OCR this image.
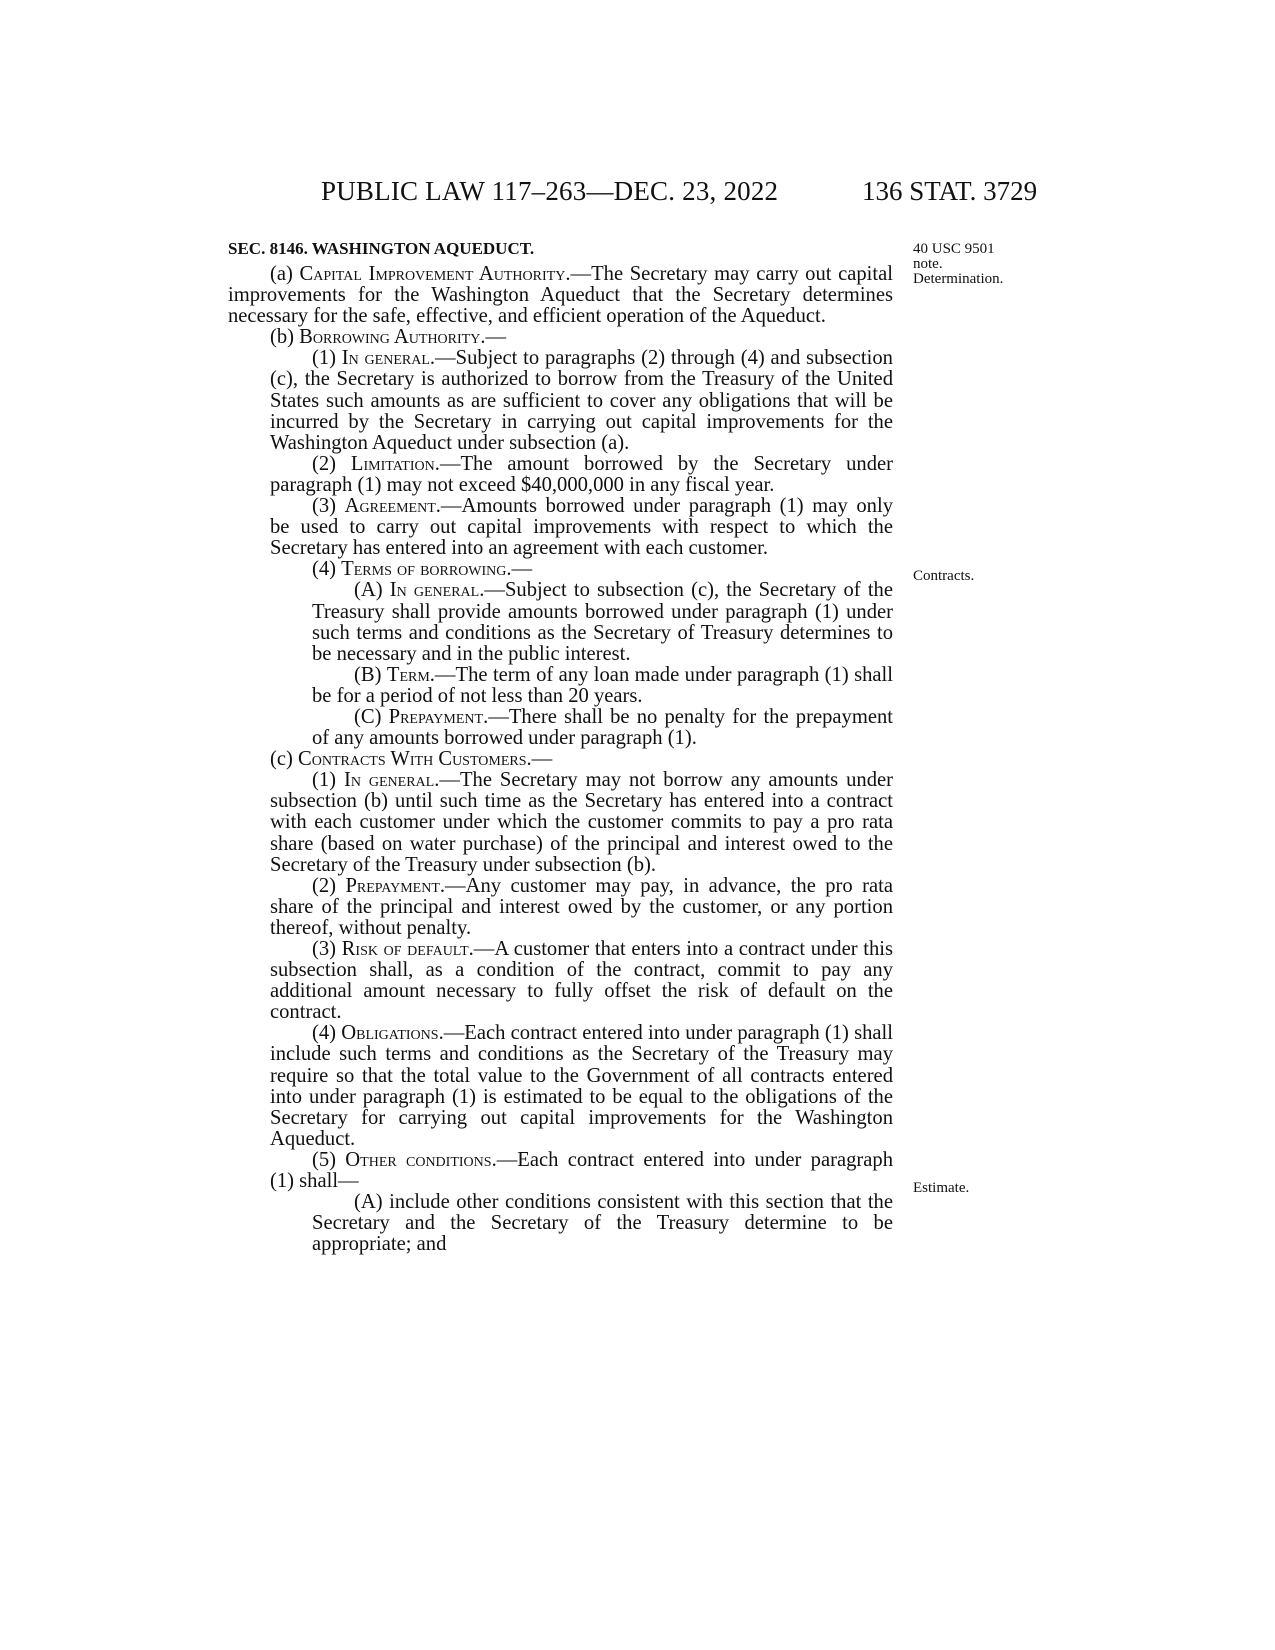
PUBLIC LAW 117–263—DEC. 23, 2022	136 STAT. 3729
SEC. 8146. WASHINGTON AQUEDUCT.

(a) Capital Improvement Authority.—The Secretary may carry out capital improvements for the Washington Aqueduct that the Secretary determines necessary for the safe, effective, and efficient operation of the Aqueduct.

(b) Borrowing Authority.—

(1) In general.—Subject to paragraphs (2) through (4) and subsection (c), the Secretary is authorized to borrow from the Treasury of the United States such amounts as are sufficient to cover any obligations that will be incurred by the Secretary in carrying out capital improvements for the Washington Aqueduct under subsection (a).

(2) Limitation.—The amount borrowed by the Secretary under paragraph (1) may not exceed $40,000,000 in any fiscal year.

(3) Agreement.—Amounts borrowed under paragraph (1) may only be used to carry out capital improvements with respect to which the Secretary has entered into an agreement with each customer.

(4) Terms of borrowing.—

(A) In general.—Subject to subsection (c), the Secretary of the Treasury shall provide amounts borrowed under paragraph (1) under such terms and conditions as the Secretary of Treasury determines to be necessary and in the public interest.

(B) Term.—The term of any loan made under paragraph (1) shall be for a period of not less than 20 years.

(C) Prepayment.—There shall be no penalty for the prepayment of any amounts borrowed under paragraph (1).

(c) Contracts With Customers.—

(1) In general.—The Secretary may not borrow any amounts under subsection (b) until such time as the Secretary has entered into a contract with each customer under which the customer commits to pay a pro rata share (based on water purchase) of the principal and interest owed to the Secretary of the Treasury under subsection (b).

(2) Prepayment.—Any customer may pay, in advance, the pro rata share of the principal and interest owed by the customer, or any portion thereof, without penalty.

(3) Risk of default.—A customer that enters into a contract under this subsection shall, as a condition of the contract, commit to pay any additional amount necessary to fully offset the risk of default on the contract.

(4) Obligations.—Each contract entered into under paragraph (1) shall include such terms and conditions as the Secretary of the Treasury may require so that the total value to the Government of all contracts entered into under paragraph (1) is estimated to be equal to the obligations of the Secretary for carrying out capital improvements for the Washington Aqueduct.

(5) Other conditions.—Each contract entered into under paragraph (1) shall—

(A) include other conditions consistent with this section that the Secretary and the Secretary of the Treasury determine to be appropriate; and

40 USC 9501
note.
Determination.
Contracts.
Estimate.
